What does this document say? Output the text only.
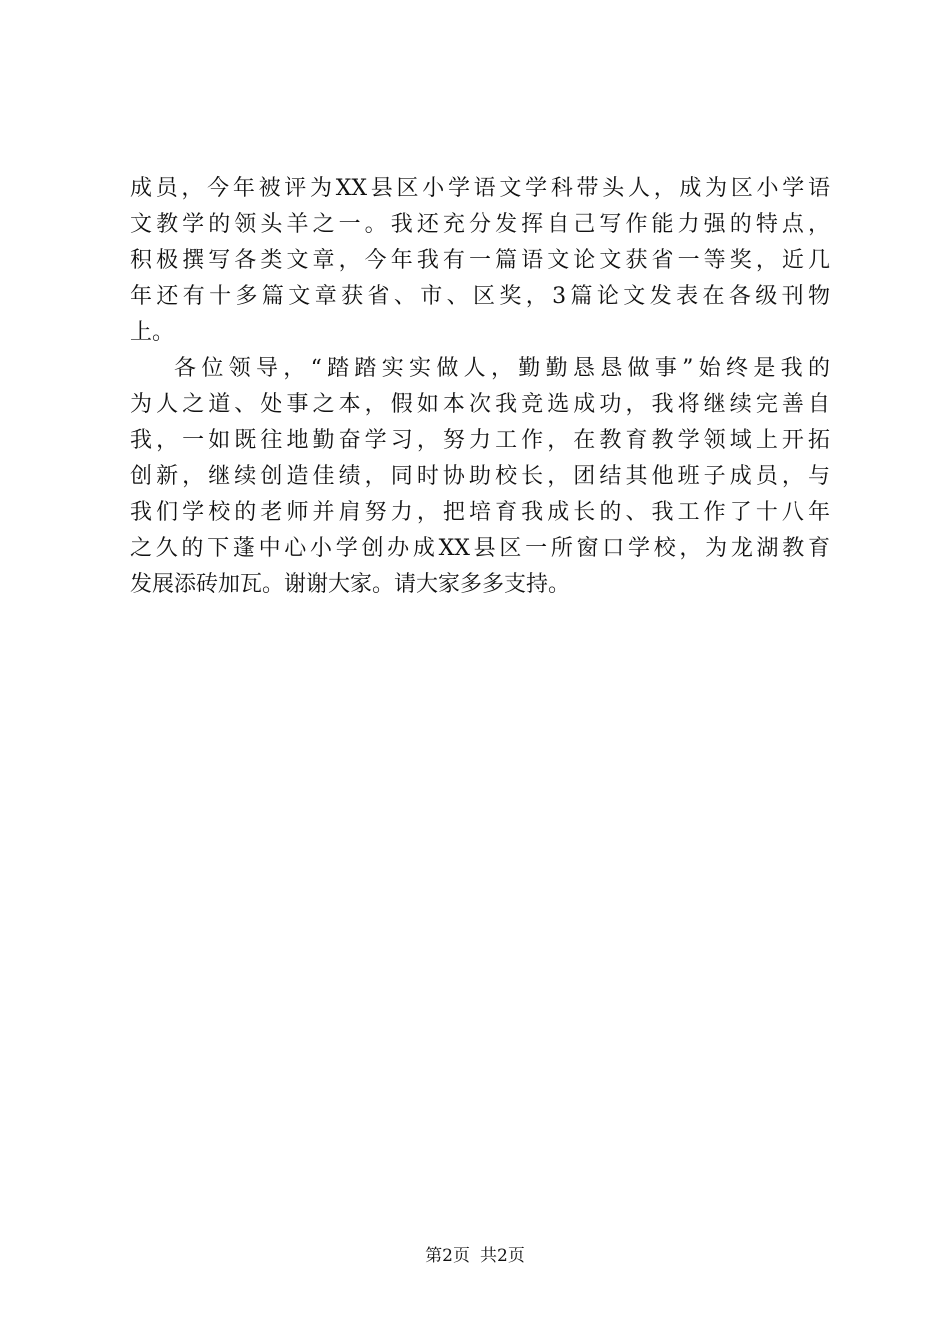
成员，今年被评为XX县区小学语文学科带头人，成为区小学语
文教学的领头羊之一。我还充分发挥自己写作能力强的特点，
积极撰写各类文章，今年我有一篇语文论文获省一等奖，近几
年还有十多篇文章获省、市、区奖，3篇论文发表在各级刊物
上。
各位领导，“踏踏实实做人，勤勤恳恳做事”始终是我的
为人之道、处事之本，假如本次我竞选成功，我将继续完善自
我，一如既往地勤奋学习，努力工作，在教育教学领域上开拓
创新，继续创造佳绩，同时协助校长，团结其他班子成员，与
我们学校的老师并肩努力，把培育我成长的、我工作了十八年
之久的下蓬中心小学创办成XX县区一所窗口学校，为龙湖教育
发展添砖加瓦。谢谢大家。请大家多多支持。
第2页 共2页
